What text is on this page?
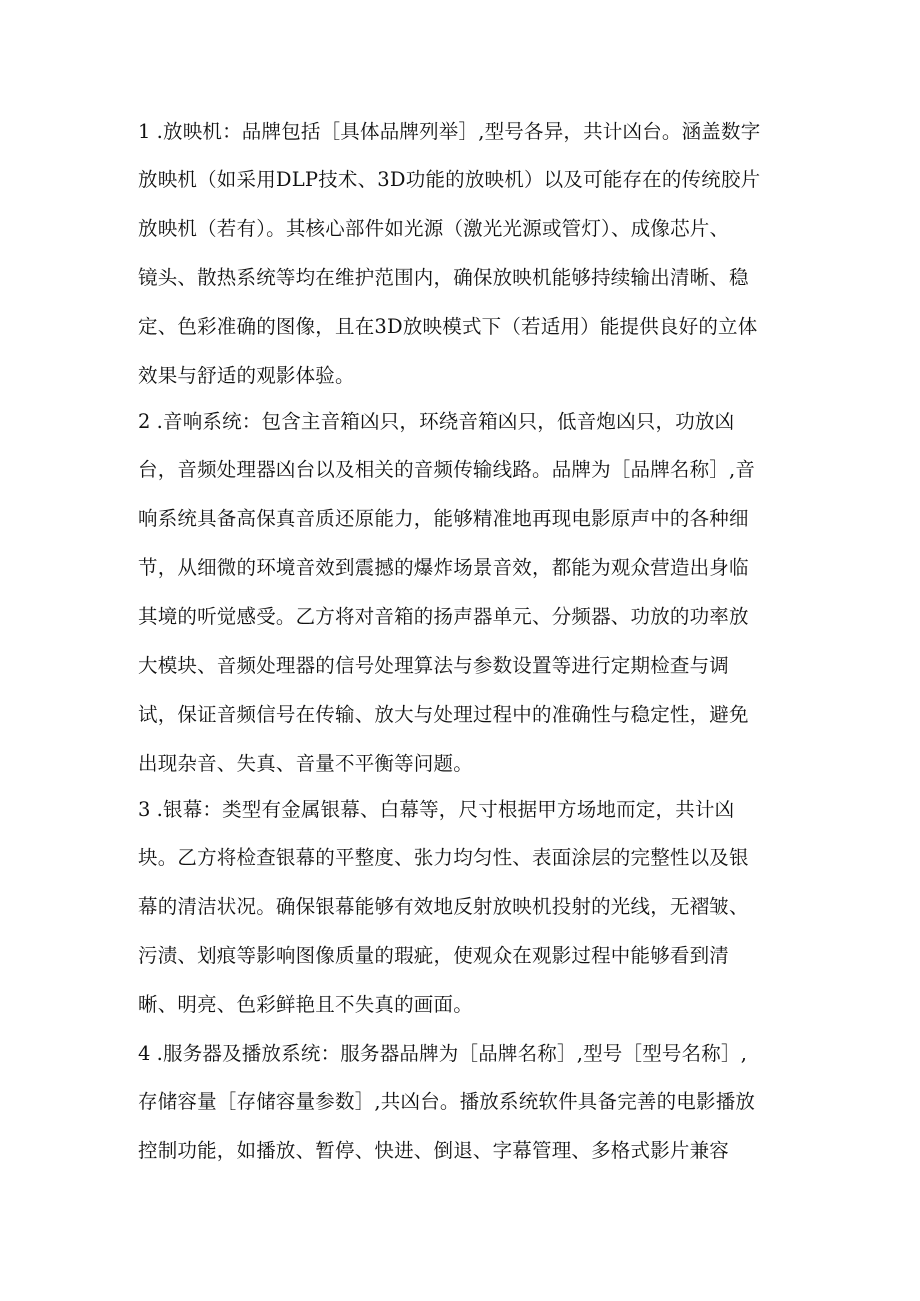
1 .放映机：品牌包括［具体品牌列举］,型号各异，共计凶台。涵盖数字
放映机（如采用DLP技术、3D功能的放映机）以及可能存在的传统胶片
放映机（若有）。其核心部件如光源（激光光源或管灯）、成像芯片、
镜头、散热系统等均在维护范围内，确保放映机能够持续输出清晰、稳
定、色彩准确的图像，且在3D放映模式下（若适用）能提供良好的立体
效果与舒适的观影体验。
2 .音响系统：包含主音箱凶只，环绕音箱凶只，低音炮凶只，功放凶
台，音频处理器凶台以及相关的音频传输线路。品牌为［品牌名称］,音
响系统具备高保真音质还原能力，能够精准地再现电影原声中的各种细
节，从细微的环境音效到震撼的爆炸场景音效，都能为观众营造出身临
其境的听觉感受。乙方将对音箱的扬声器单元、分频器、功放的功率放
大模块、音频处理器的信号处理算法与参数设置等进行定期检查与调
试，保证音频信号在传输、放大与处理过程中的准确性与稳定性，避免
出现杂音、失真、音量不平衡等问题。
3 .银幕：类型有金属银幕、白幕等，尺寸根据甲方场地而定，共计凶
块。乙方将检查银幕的平整度、张力均匀性、表面涂层的完整性以及银
幕的清洁状况。确保银幕能够有效地反射放映机投射的光线，无褶皱、
污渍、划痕等影响图像质量的瑕疵，使观众在观影过程中能够看到清
晰、明亮、色彩鲜艳且不失真的画面。
4 .服务器及播放系统：服务器品牌为［品牌名称］,型号［型号名称］,
存储容量［存储容量参数］,共凶台。播放系统软件具备完善的电影播放
控制功能，如播放、暂停、快进、倒退、字幕管理、多格式影片兼容
